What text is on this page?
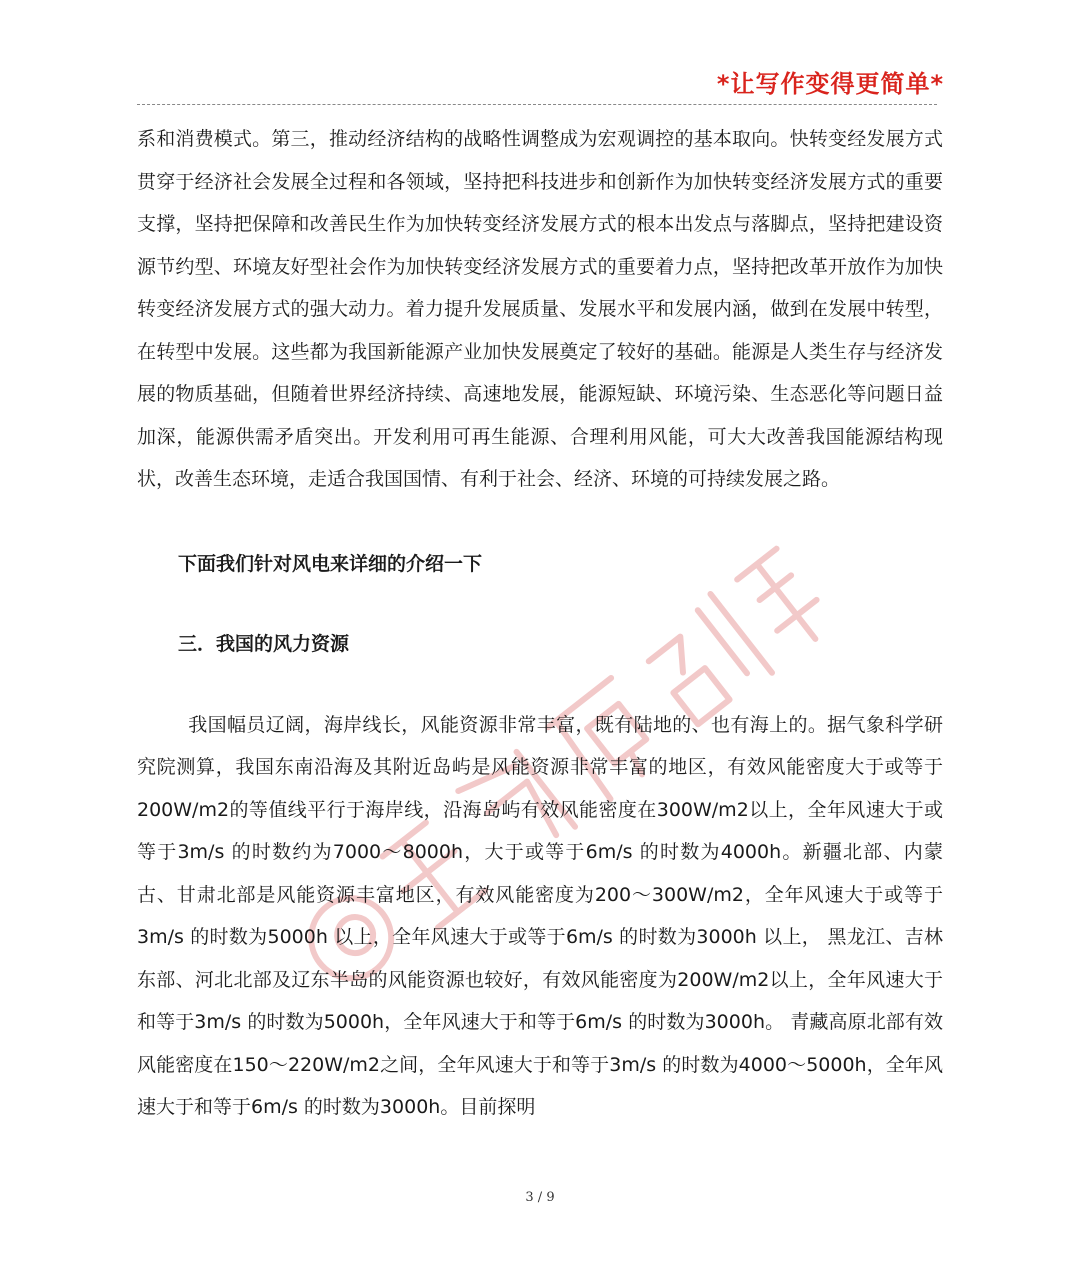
*让写作变得更简单*

系和消费模式。第三，推动经济结构的战略性调整成为宏观调控的基本取向。快转变经发展方式贯穿于经济社会发展全过程和各领域，坚持把科技进步和创新作为加快转变经济发展方式的重要支撑，坚持把保障和改善民生作为加快转变经济发展方式的根本出发点与落脚点，坚持把建设资源节约型、环境友好型社会作为加快转变经济发展方式的重要着力点，坚持把改革开放作为加快转变经济发展方式的强大动力。着力提升发展质量、发展水平和发展内涵，做到在发展中转型，在转型中发展。这些都为我国新能源产业加快发展奠定了较好的基础。能源是人类生存与经济发展的物质基础，但随着世界经济持续、高速地发展，能源短缺、环境污染、生态恶化等问题日益加深，能源供需矛盾突出。开发利用可再生能源、合理利用风能，可大大改善我国能源结构现状，改善生态环境，走适合我国国情、有利于社会、经济、环境的可持续发展之路。

下面我们针对风电来详细的介绍一下

三．我国的风力资源

我国幅员辽阔，海岸线长，风能资源非常丰富，既有陆地的、也有海上的。据气象科学研究院测算，我国东南沿海及其附近岛屿是风能资源非常丰富的地区，有效风能密度大于或等于200W/m2的等值线平行于海岸线，沿海岛屿有效风能密度在300W/m2以上，全年风速大于或等于3m/s 的时数约为7000～8000h，大于或等于6m/s 的时数为4000h。新疆北部、内蒙古、甘肃北部是风能资源丰富地区，有效风能密度为200～300W/m2，全年风速大于或等于3m/s 的时数为5000h 以上，全年风速大于或等于6m/s 的时数为3000h 以上， 黑龙江、吉林东部、河北北部及辽东半岛的风能资源也较好，有效风能密度为200W/m2以上，全年风速大于和等于3m/s 的时数为5000h，全年风速大于和等于6m/s 的时数为3000h。 青藏高原北部有效风能密度在150～220W/m2之间，全年风速大于和等于3m/s 的时数为4000～5000h，全年风速大于和等于6m/s 的时数为3000h。目前探明

3 / 9
